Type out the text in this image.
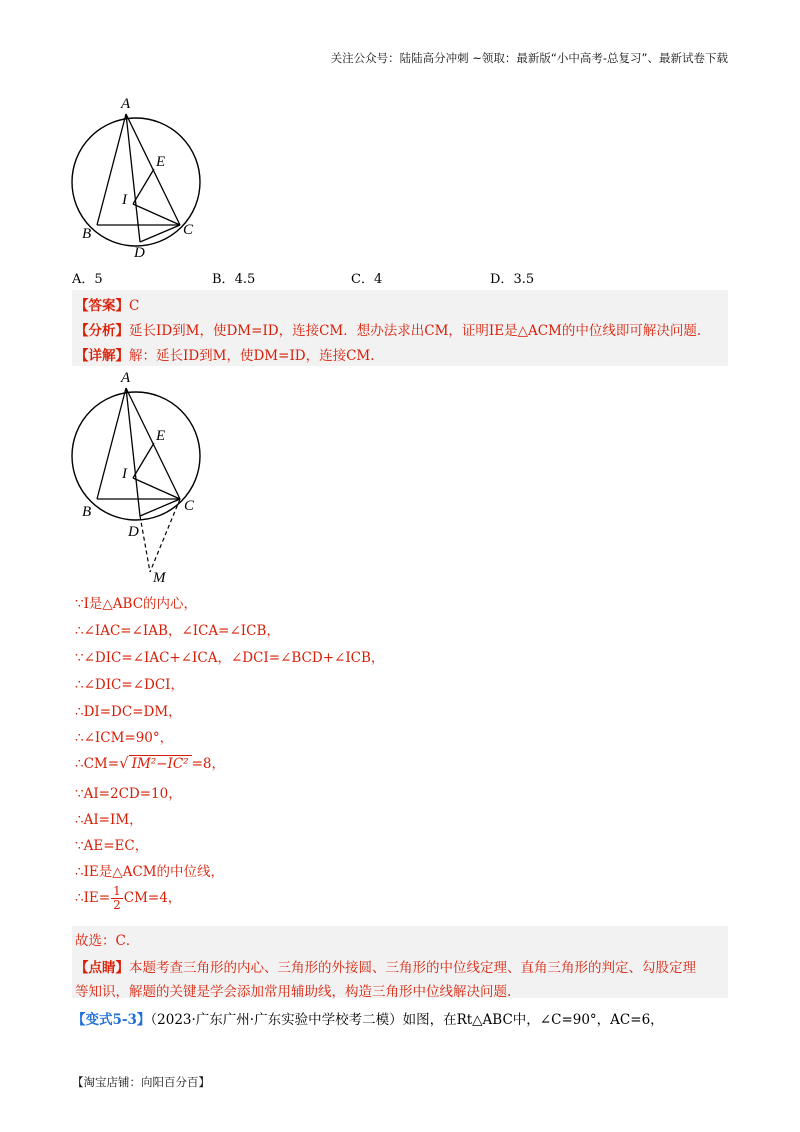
关注公众号：陆陆高分冲刺 ~领取：最新版“小中高考-总复习”、最新试卷下载
A
E
I
B	C
D
A．5	B．4.5	C．4	D．3.5
【答案】C
【分析】延长ID到M，使DM=ID，连接CM．想办法求出CM，证明IE是△ACM的中位线即可解决问题.
【详解】解：延长ID到M，使DM=ID，连接CM.
A
E
I
B	C
D
M
∵I是△ABC的内心，
∴∠IAC=∠IAB，∠ICA=∠ICB，
∵∠DIC=∠IAC+∠ICA，∠DCI=∠BCD+∠ICB，
∴∠DIC=∠DCI，
∴DI=DC=DM，
∴∠ICM=90°，
∴CM=√ IM²−IC² =8，
∵AI=2CD=10，
∴AI=IM，
∵AE=EC，
∴IE是△ACM的中位线，
∴IE= $\frac{1}{2} CM=4$，
故选：C．
【点睛】本题考查三角形的内心、三角形的外接圆、三角形的中位线定理、直角三角形的判定、勾股定理
等知识，解题的关键是学会添加常用辅助线，构造三角形中位线解决问题.
【变式5-3】（2023·广东广州·广东实验中学校考二模）如图，在Rt△ABC中，∠C=90°，AC=6，
【淘宝店铺：向阳百分百】
